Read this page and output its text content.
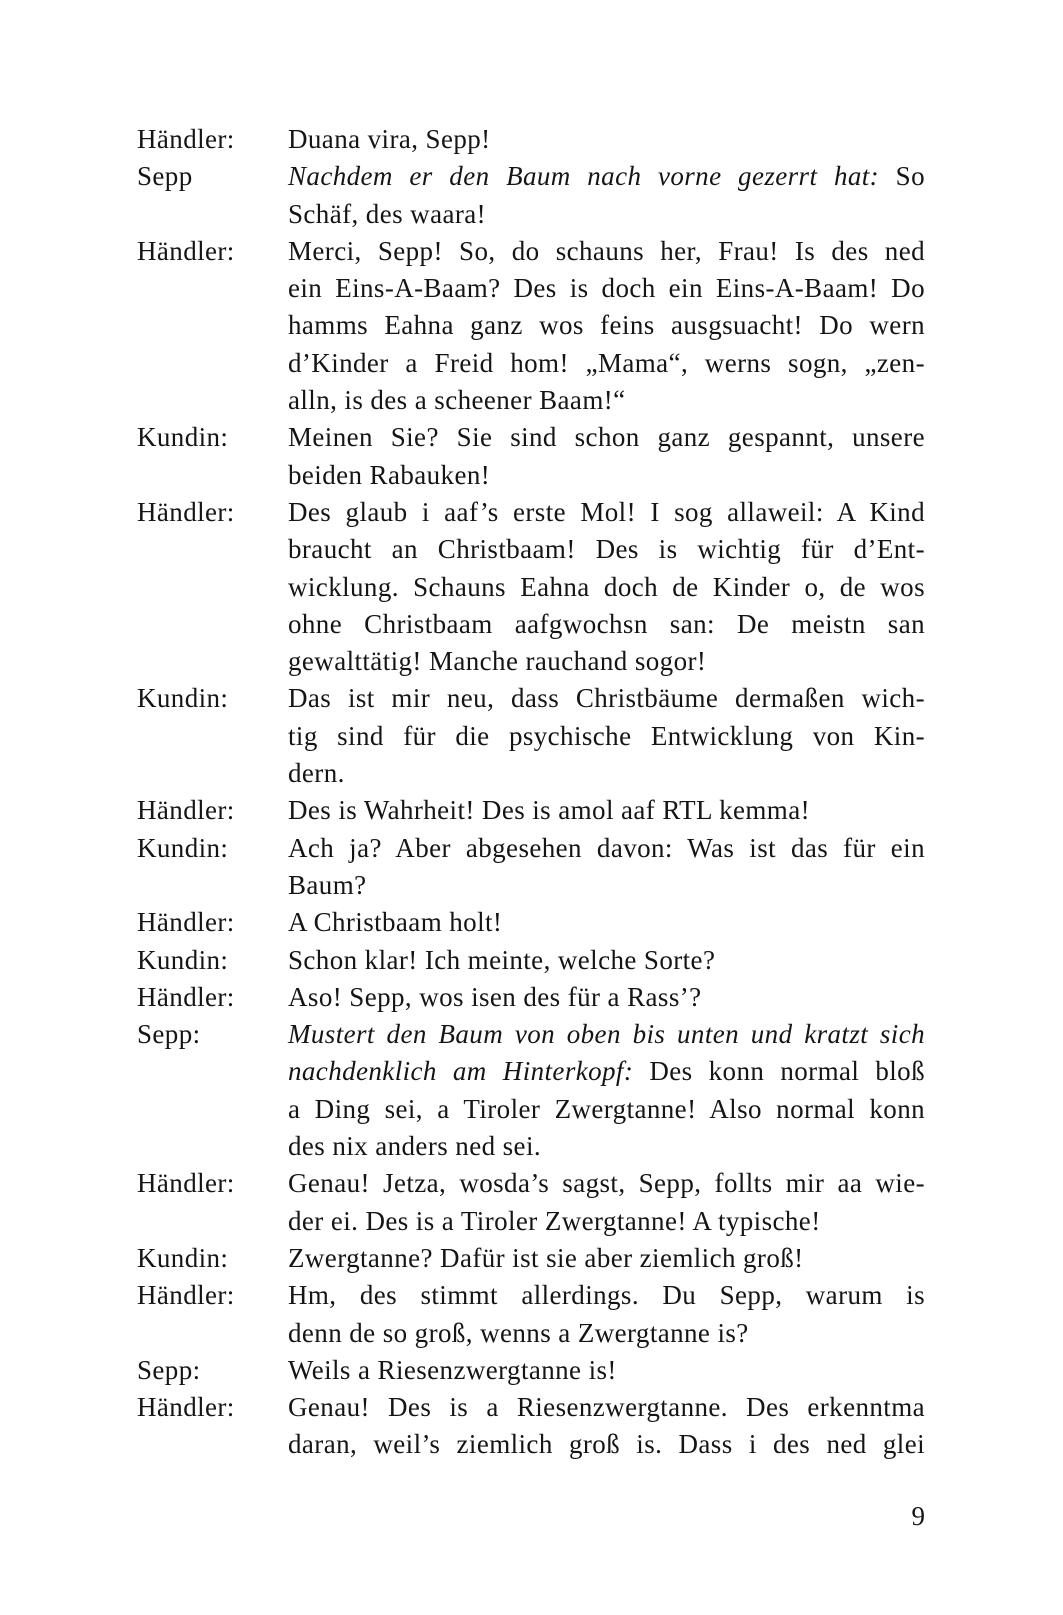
Händler:	Duana vira, Sepp!
Sepp	Nachdem er den Baum nach vorne gezerrt hat: So
Schäf, des waara!
Händler:	Merci, Sepp! So, do schauns her, Frau! Is des ned
ein Eins-A-Baam? Des is doch ein Eins-A-Baam! Do
hamms Eahna ganz wos feins ausgsuacht! Do wern
d’Kinder a Freid hom! „Mama“, werns sogn, „zen-
alln, is des a scheener Baam!“
Kundin:	Meinen Sie? Sie sind schon ganz gespannt, unsere
beiden Rabauken!
Händler:	Des glaub i aaf’s erste Mol! I sog allaweil: A Kind
braucht an Christbaam! Des is wichtig für d’Ent-
wicklung. Schauns Eahna doch de Kinder o, de wos
ohne Christbaam aafgwochsn san: De meistn san
gewalttätig! Manche rauchand sogor!
Kundin:	Das ist mir neu, dass Christbäume dermaßen wich-
tig sind für die psychische Entwicklung von Kin-
dern.
Händler:	Des is Wahrheit! Des is amol aaf RTL kemma!
Kundin:	Ach ja? Aber abgesehen davon: Was ist das für ein
Baum?
Händler:	A Christbaam holt!
Kundin:	Schon klar! Ich meinte, welche Sorte?
Händler:	Aso! Sepp, wos isen des für a Rass’?
Sepp:	Mustert den Baum von oben bis unten und kratzt sich
nachdenklich am Hinterkopf: Des konn normal bloß
a Ding sei, a Tiroler Zwergtanne! Also normal konn
des nix anders ned sei.
Händler:	Genau! Jetza, wosda’s sagst, Sepp, follts mir aa wie-
der ei. Des is a Tiroler Zwergtanne! A typische!
Kundin:	Zwergtanne? Dafür ist sie aber ziemlich groß!
Händler:	Hm, des stimmt allerdings. Du Sepp, warum is
denn de so groß, wenns a Zwergtanne is?
Sepp:	Weils a Riesenzwergtanne is!
Händler:	Genau! Des is a Riesenzwergtanne. Des erkenntma
daran, weil’s ziemlich groß is. Dass i des ned glei
9
